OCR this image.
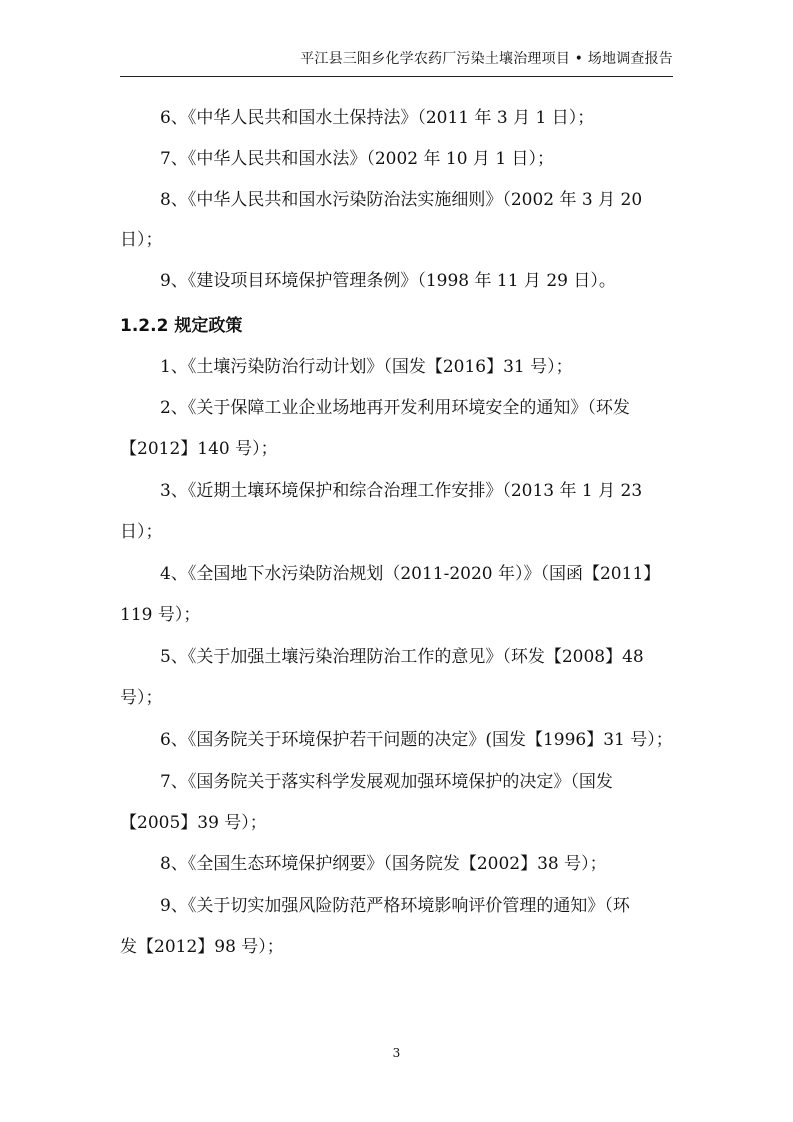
平江县三阳乡化学农药厂污染土壤治理项目 • 场地调查报告
6、《中华人民共和国水土保持法》（2011 年 3 月 1 日）；
7、《中华人民共和国水法》（2002 年 10 月 1 日）；
8、《中华人民共和国水污染防治法实施细则》（2002 年 3 月 20
日）；
9、《建设项目环境保护管理条例》（1998 年 11 月 29 日）。
1.2.2 规定政策
1、《土壤污染防治行动计划》（国发【2016】31 号）；
2、《关于保障工业企业场地再开发利用环境安全的通知》（环发
【2012】140 号）；
3、《近期土壤环境保护和综合治理工作安排》（2013 年 1 月 23
日）；
4、《全国地下水污染防治规划（2011-2020 年）》（国函【2011】
119 号）；
5、《关于加强土壤污染治理防治工作的意见》（环发【2008】48
号）；
6、《国务院关于环境保护若干问题的决定》(国发【1996】31 号）；
7、《国务院关于落实科学发展观加强环境保护的决定》（国发
【2005】39 号）；
8、《全国生态环境保护纲要》（国务院发【2002】38 号）；
9、《关于切实加强风险防范严格环境影响评价管理的通知》（环
发【2012】98 号）；
3
